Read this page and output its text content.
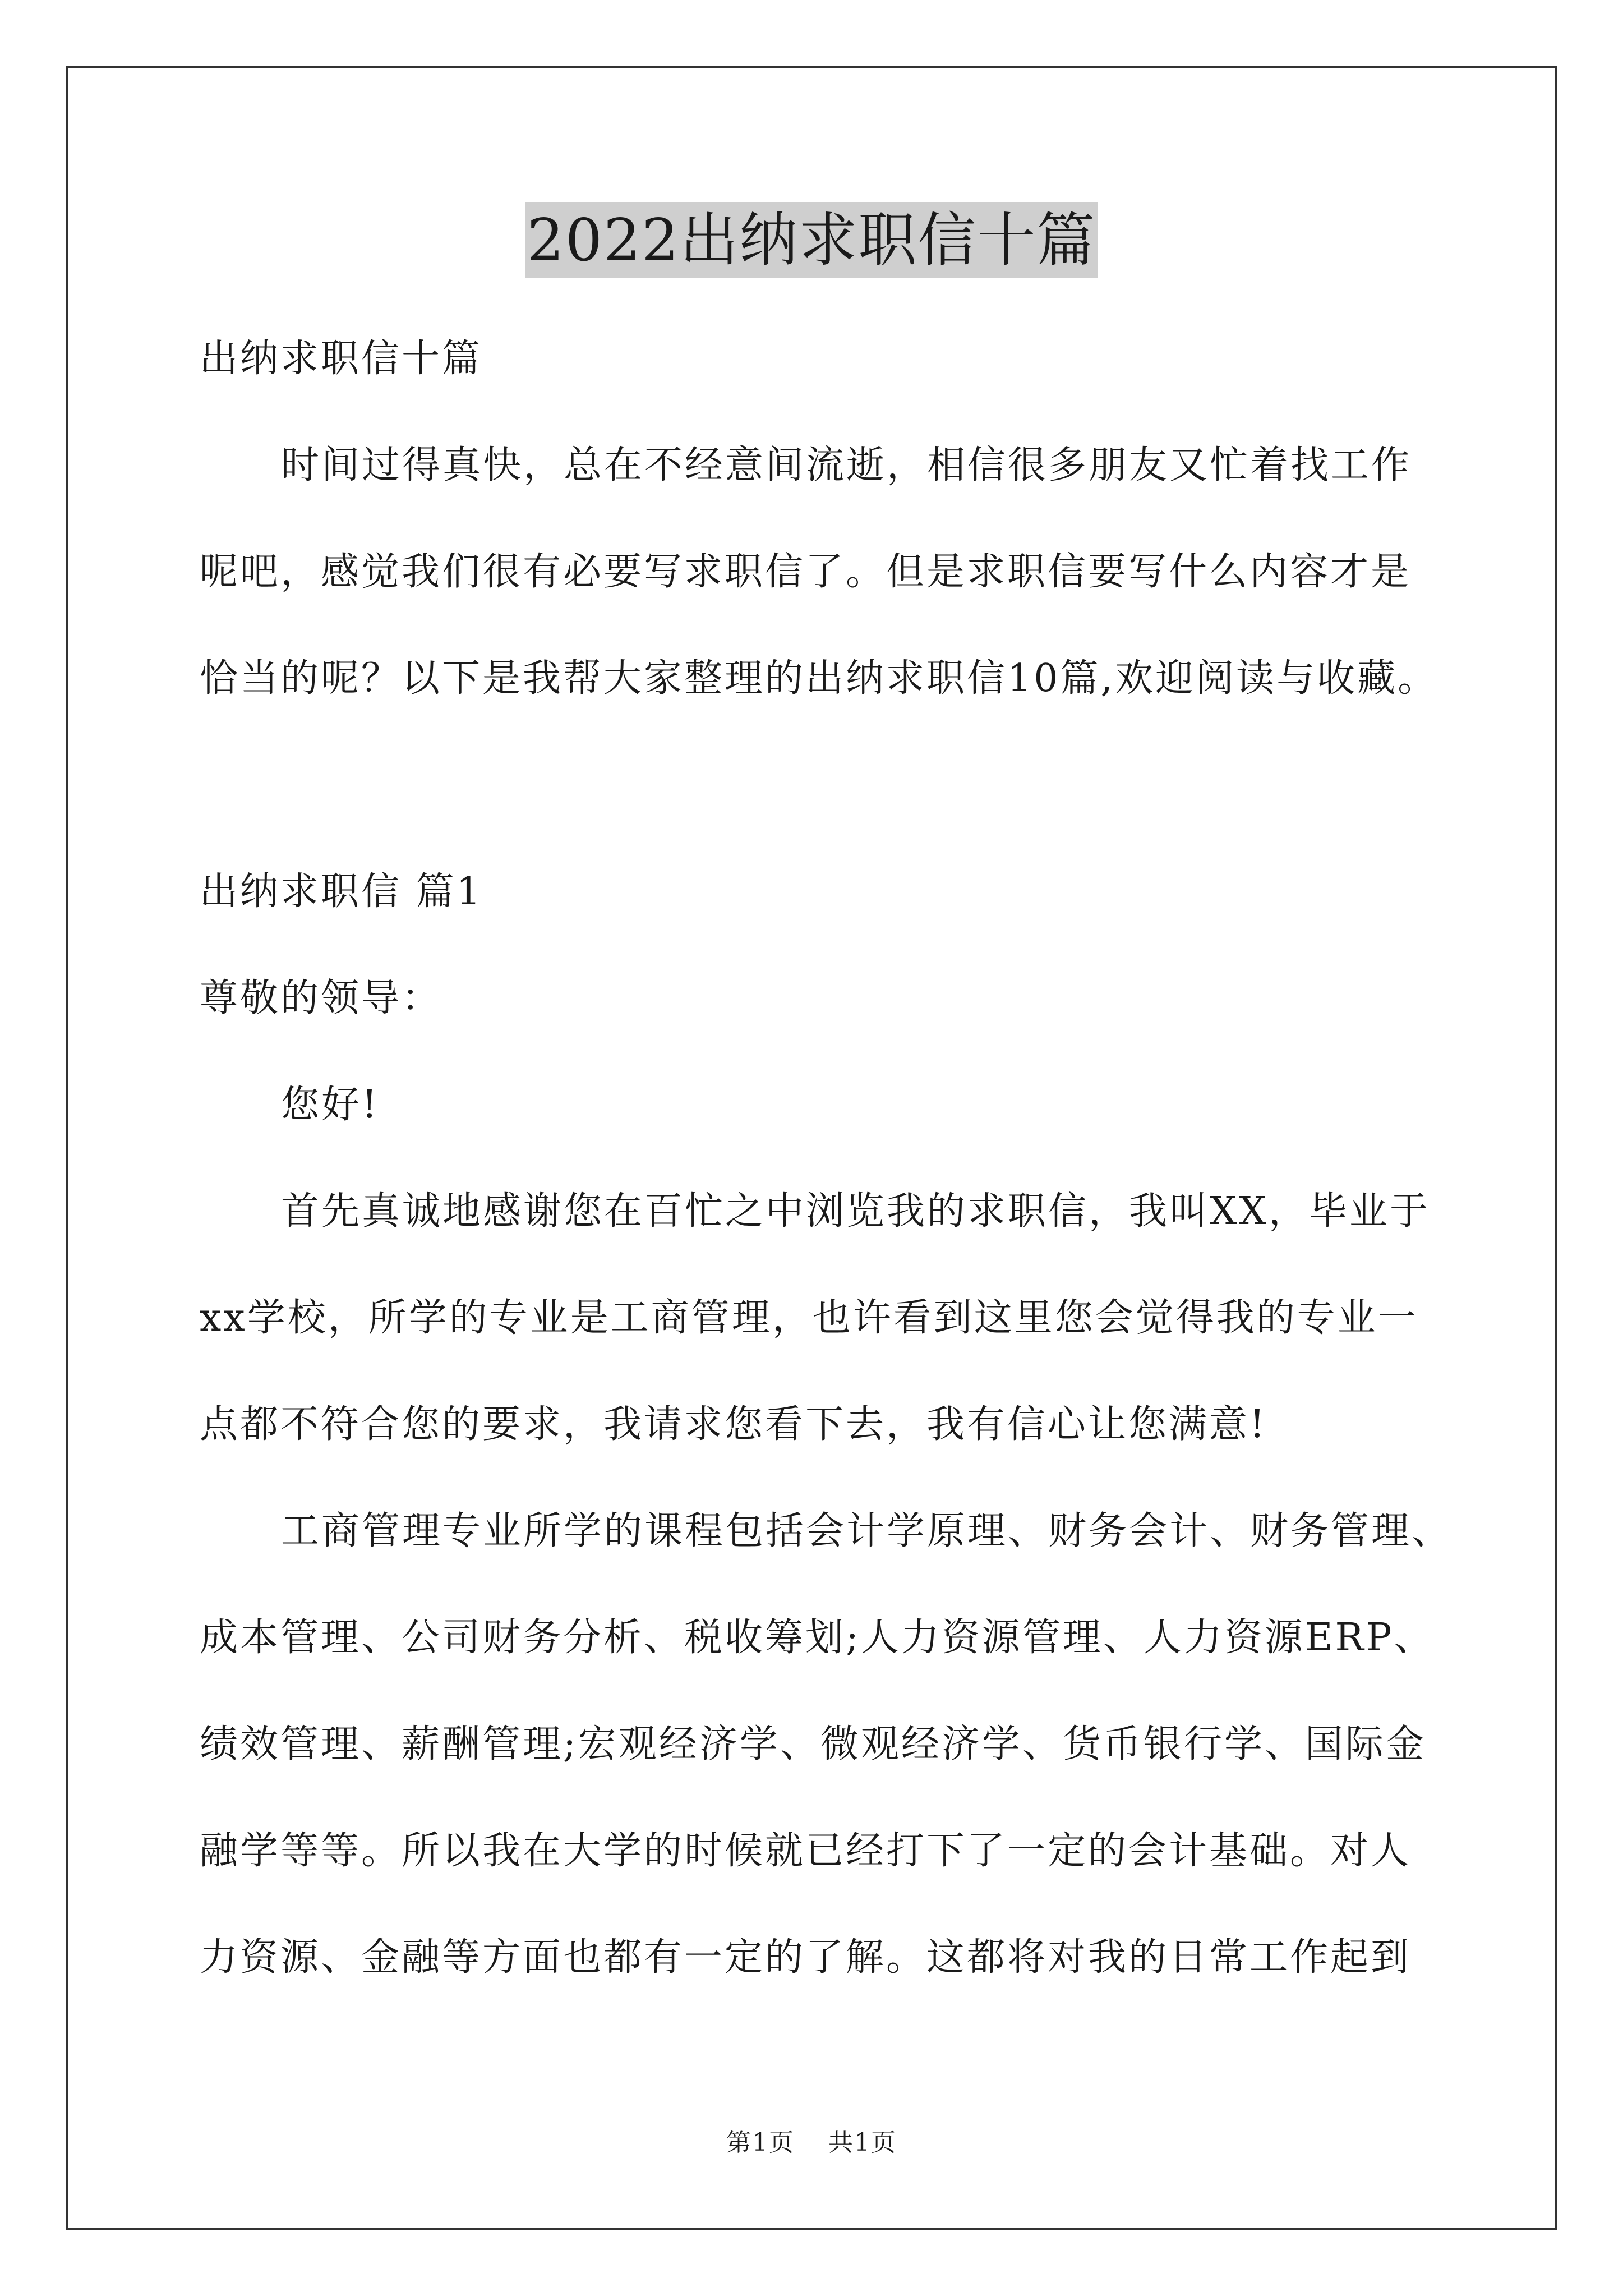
2022出纳求职信十篇

出纳求职信十篇

时间过得真快，总在不经意间流逝，相信很多朋友又忙着找工作

呢吧，感觉我们很有必要写求职信了。但是求职信要写什么内容才是

恰当的呢？以下是我帮大家整理的出纳求职信10篇,欢迎阅读与收藏。

出纳求职信 篇1

尊敬的领导：

您好!

首先真诚地感谢您在百忙之中浏览我的求职信，我叫XX，毕业于

xx学校，所学的专业是工商管理，也许看到这里您会觉得我的专业一

点都不符合您的要求，我请求您看下去，我有信心让您满意!

工商管理专业所学的课程包括会计学原理、财务会计、财务管理、

成本管理、公司财务分析、税收筹划;人力资源管理、人力资源ERP、

绩效管理、薪酬管理;宏观经济学、微观经济学、货币银行学、国际金

融学等等。所以我在大学的时候就已经打下了一定的会计基础。对人

力资源、金融等方面也都有一定的了解。这都将对我的日常工作起到

第1页 共1页
